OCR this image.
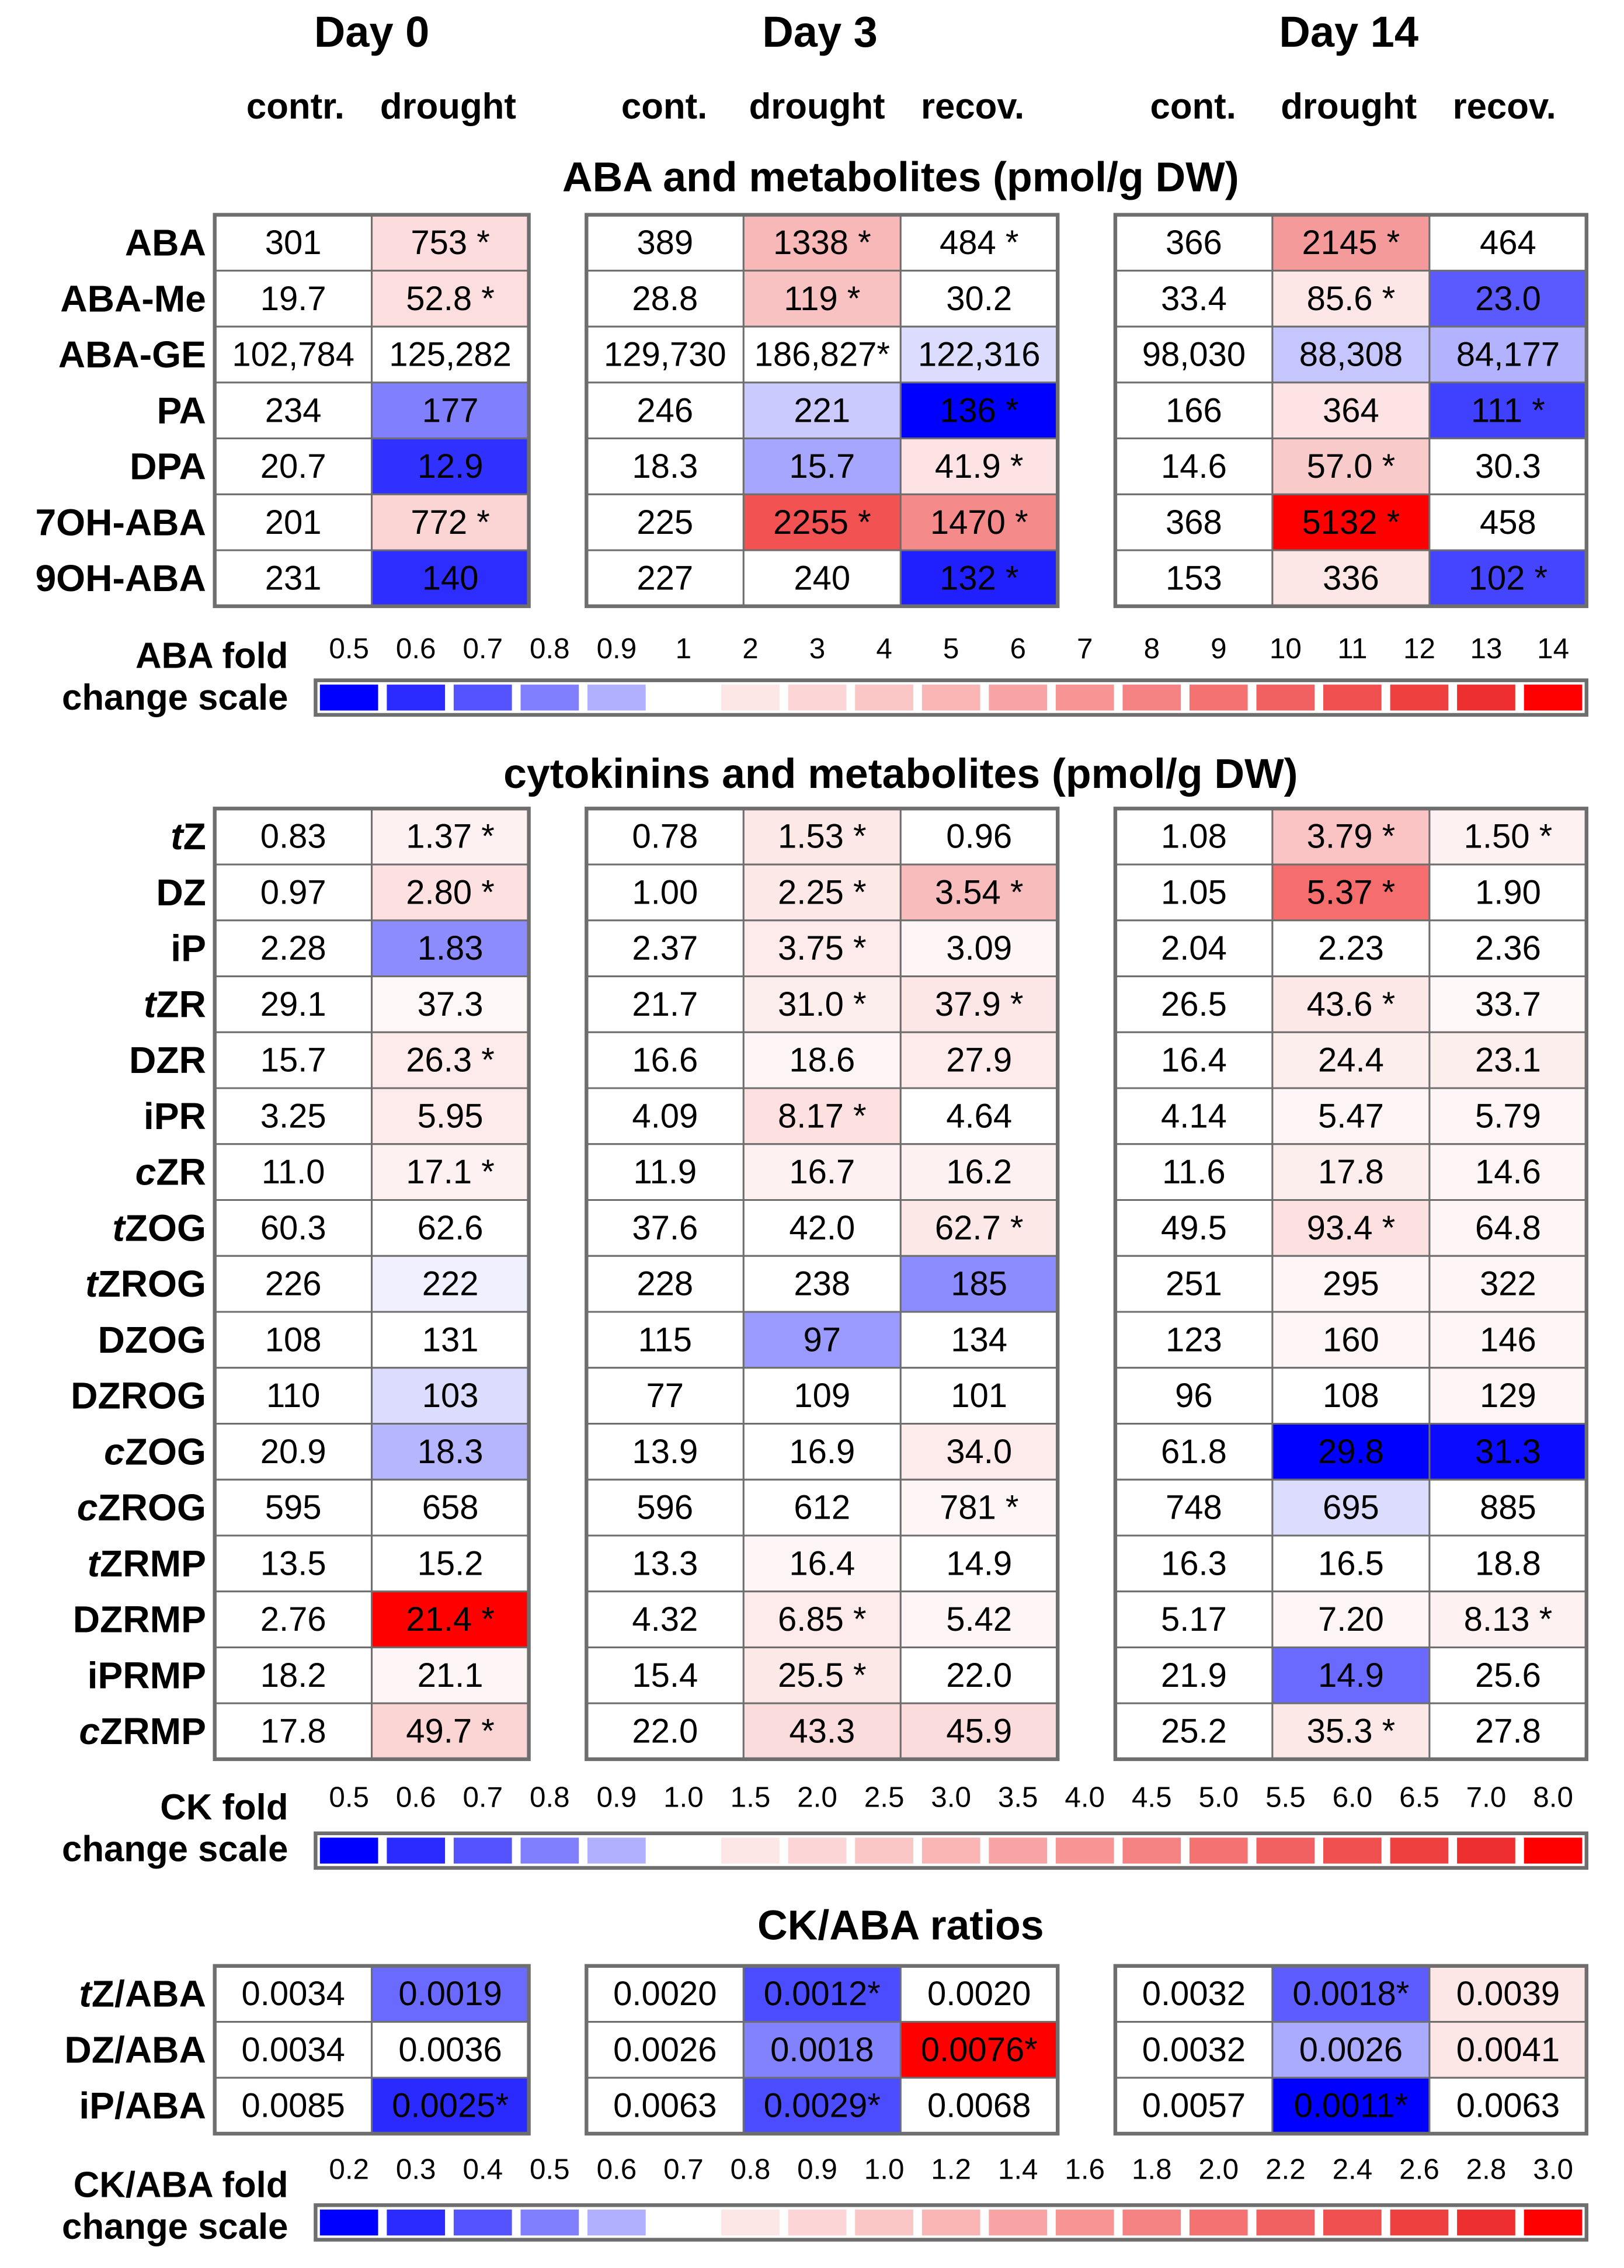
Day 0	Day 3	Day 14
contr. drought	cont. drought recov.	cont. drought recov.
ABA and metabolites (pmol/g DW)
ABA 301	753 *	389 1338 * 484 *	366 2145 * 464
ABA-Me 19.7 52.8 *	28.8	119 *	30.2	33.4 85.6 * 23.0
ABA-GE 102,784 125,282	129,730 186,827* 122,316	98,030 88,308 84,177
PA 234	177	246	221	136 *	166	364	111 *
DPA 20.7	12.9	18.3	15.7 41.9 *	14.6 57.0 * 30.3
7OH-ABA 201	772 *	225 2255 * 1470 *	368 5132 * 458
9OH-ABA 231	140	227	240	132 *	153	336	102 *
ABA fold
change scale
0.5 0.6 0.7 0.8 0.9 1 2 3 4 5 6 7 8 9 10 11 12 13 14
cytokinins and metabolites (pmol/g DW)
tZ 0.83 1.37 *	0.78 1.53 * 0.96	1.08 3.79 * 1.50 *
DZ 0.97 2.80 *	1.00 2.25 * 3.54 *	1.05 5.37 * 1.90
iP 2.28	1.83	2.37 3.75 * 3.09	2.04	2.23	2.36
tZR 29.1	37.3	21.7 31.0 * 37.9 *	26.5 43.6 * 33.7
DZR 15.7 26.3 *	16.6	18.6	27.9	16.4	24.4	23.1
iPR 3.25	5.95	4.09 8.17 * 4.64	4.14	5.47	5.79
cZR 11.0 17.1 *	11.9	16.7	16.2	11.6	17.8	14.6
tZOG 60.3	62.6	37.6	42.0 62.7 *	49.5 93.4 * 64.8
tZROG 226	222	228	238	185	251	295	322
DZOG 108	131	115	97	134	123	160	146
DZROG 110	103	77	109	101	96	108	129
cZOG 20.9	18.3	13.9	16.9	34.0	61.8	29.8	31.3
cZROG 595	658	596	612	781 *	748	695	885
tZRMP 13.5	15.2	13.3	16.4	14.9	16.3	16.5	18.8
DZRMP 2.76 21.4 *	4.32 6.85 * 5.42	5.17	7.20 8.13 *
iPRMP 18.2	21.1	15.4 25.5 * 22.0	21.9	14.9	25.6
cZRMP 17.8 49.7 *	22.0	43.3	45.9	25.2 35.3 * 27.8
CK fold
change scale
0.5 0.6 0.7 0.8 0.9 1.0 1.5 2.0 2.5 3.0 3.5 4.0 4.5 5.0 5.5 6.0 6.5 7.0 8.0
CK/ABA ratios
tZ/ABA 0.0034 0.0019	0.0020 0.0012* 0.0020	0.0032 0.0018* 0.0039
DZ/ABA 0.0034 0.0036	0.0026 0.0018 0.0076*	0.0032 0.0026 0.0041
iP/ABA 0.0085 0.0025*	0.0063 0.0029* 0.0068	0.0057 0.0011* 0.0063
CK/ABA fold
change scale
0.2 0.3 0.4 0.5 0.6 0.7 0.8 0.9 1.0 1.2 1.4 1.6 1.8 2.0 2.2 2.4 2.6 2.8 3.0
